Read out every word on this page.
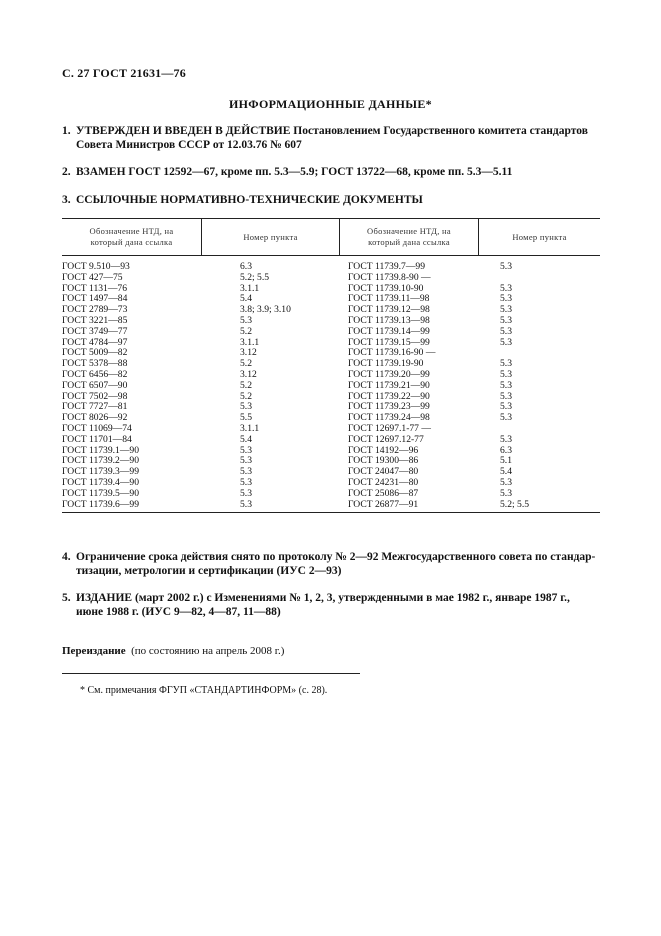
С. 27 ГОСТ 21631—76
ИНФОРМАЦИОННЫЕ ДАННЫЕ*
1. УТВЕРЖДЕН И ВВЕДЕН В ДЕЙСТВИЕ Постановлением Государственного комитета стандартов
Совета Министров СССР от 12.03.76 № 607
2. ВЗАМЕН ГОСТ 12592—67, кроме пп. 5.3—5.9; ГОСТ 13722—68, кроме пп. 5.3—5.11
3. ССЫЛОЧНЫЕ НОРМАТИВНО-ТЕХНИЧЕСКИЕ ДОКУМЕНТЫ
Обозначение НТД, на
который дана ссылка
Номер пункта
Обозначение НТД, на
который дана ссылка
Номер пункта
ГОСТ 9.510—93
ГОСТ 427—75
ГОСТ 1131—76
ГОСТ 1497—84
ГОСТ 2789—73
ГОСТ 3221—85
ГОСТ 3749—77
ГОСТ 4784—97
ГОСТ 5009—82
ГОСТ 5378—88
ГОСТ 6456—82
ГОСТ 6507—90
ГОСТ 7502—98
ГОСТ 7727—81
ГОСТ 8026—92
ГОСТ 11069—74
ГОСТ 11701—84
ГОСТ 11739.1—90
ГОСТ 11739.2—90
ГОСТ 11739.3—99
ГОСТ 11739.4—90
ГОСТ 11739.5—90
ГОСТ 11739.6—99
6.3
5.2; 5.5
3.1.1
5.4
3.8; 3.9; 3.10
5.3
5.2
3.1.1
3.12
5.2
3.12
5.2
5.2
5.3
5.5
3.1.1
5.4
5.3
5.3
5.3
5.3
5.3
5.3
ГОСТ 11739.7—99
ГОСТ 11739.8-90 —
ГОСТ 11739.10-90
ГОСТ 11739.11—98
ГОСТ 11739.12—98
ГОСТ 11739.13—98
ГОСТ 11739.14—99
ГОСТ 11739.15—99
ГОСТ 11739.16-90 —
ГОСТ 11739.19-90
ГОСТ 11739.20—99
ГОСТ 11739.21—90
ГОСТ 11739.22—90
ГОСТ 11739.23—99
ГОСТ 11739.24—98
ГОСТ 12697.1-77 —
ГОСТ 12697.12-77
ГОСТ 14192—96
ГОСТ 19300—86
ГОСТ 24047—80
ГОСТ 24231—80
ГОСТ 25086—87
ГОСТ 26877—91
5.3
5.3
5.3
5.3
5.3
5.3
5.3
5.3
5.3
5.3
5.3
5.3
5.3
5.3
6.3
5.1
5.4
5.3
5.3
5.2; 5.5
4. Ограничение срока действия снято по протоколу № 2—92 Межгосударственного совета по стандар-
тизации, метрологии и сертификации (ИУС 2—93)
5. ИЗДАНИЕ (март 2002 г.) с Изменениями № 1, 2, 3, утвержденными в мае 1982 г., январе 1987 г.,
июне 1988 г. (ИУС 9—82, 4—87, 11—88)
Переиздание (по состоянию на апрель 2008 г.)
* См. примечания ФГУП «СТАНДАРТИНФОРМ» (с. 28).
